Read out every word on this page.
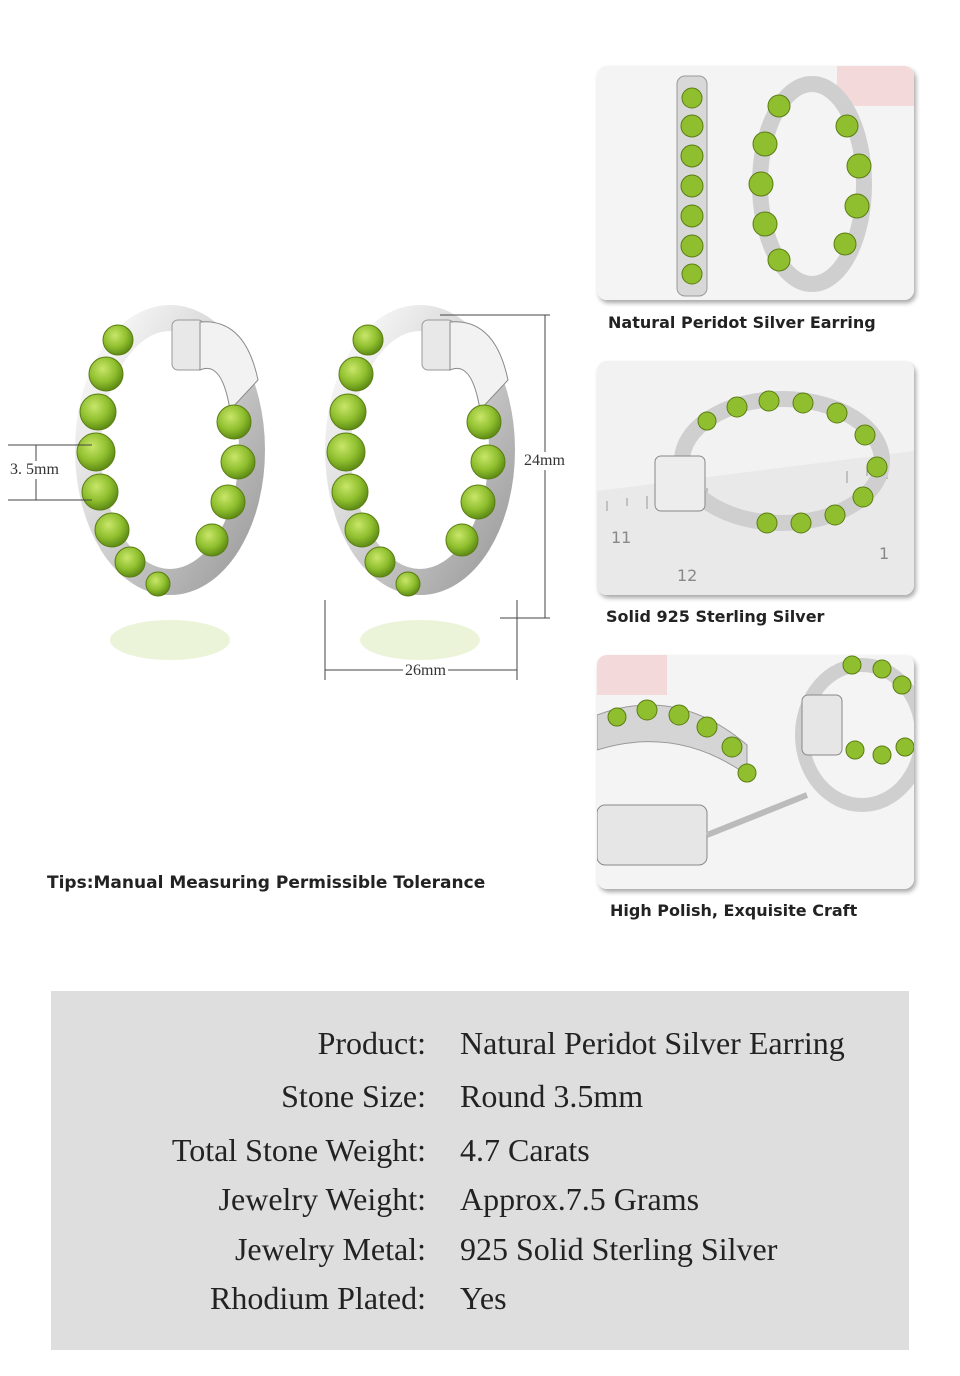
3. 5mm
24mm
26mm
Tips:Manual Measuring Permissible Tolerance
Natural Peridot Silver Earring
11
12
1
Solid 925 Sterling Silver
High Polish, Exquisite Craft
Product: Natural Peridot Silver Earring
Stone Size: Round 3.5mm
Total Stone Weight: 4.7 Carats
Jewelry Weight: Approx.7.5 Grams
Jewelry Metal: 925 Solid Sterling Silver
Rhodium Plated: Yes
